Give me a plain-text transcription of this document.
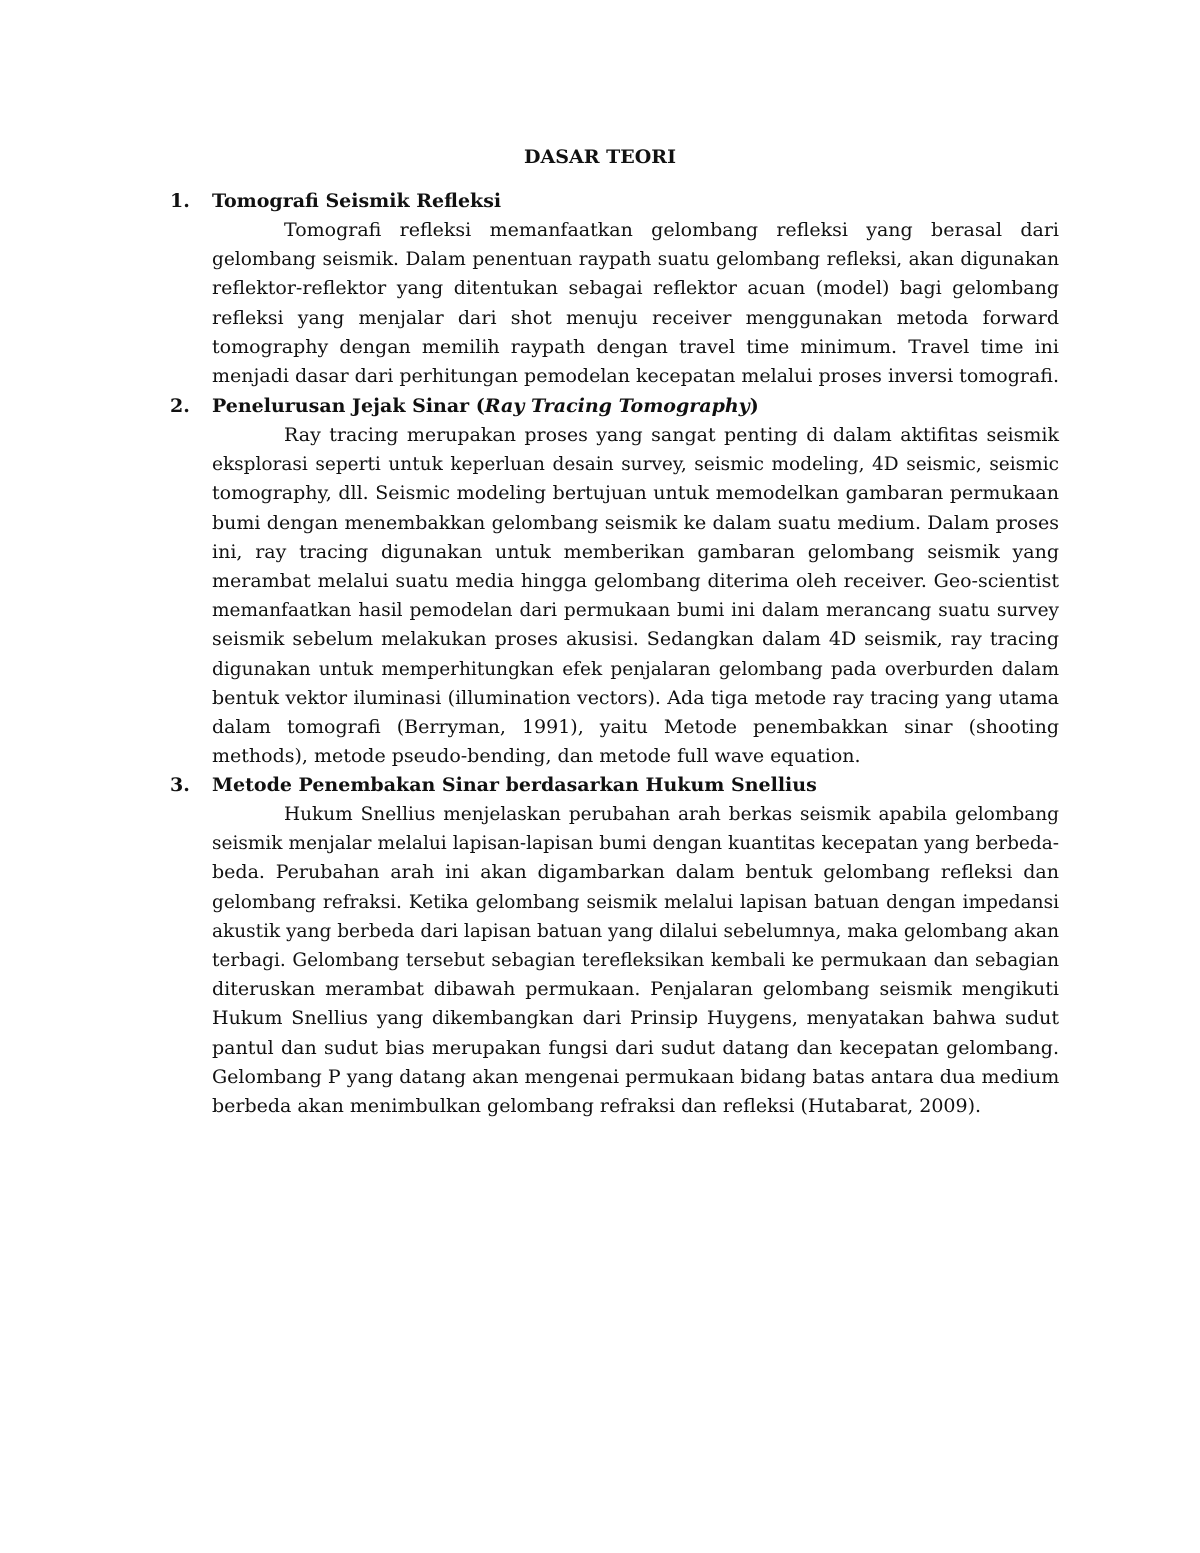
DASAR TEORI
1.	Tomografi Seismik Refleksi
Tomografi refleksi memanfaatkan gelombang refleksi yang berasal dari
gelombang seismik. Dalam penentuan raypath suatu gelombang refleksi, akan digunakan
reflektor-reflektor yang ditentukan sebagai reflektor acuan (model) bagi gelombang
refleksi yang menjalar dari shot menuju receiver menggunakan metoda forward
tomography dengan memilih raypath dengan travel time minimum. Travel time ini
menjadi dasar dari perhitungan pemodelan kecepatan melalui proses inversi tomografi.
2.	Penelurusan Jejak Sinar (Ray Tracing Tomography)
Ray tracing merupakan proses yang sangat penting di dalam aktifitas seismik
eksplorasi seperti untuk keperluan desain survey, seismic modeling, 4D seismic, seismic
tomography, dll. Seismic modeling bertujuan untuk memodelkan gambaran permukaan
bumi dengan menembakkan gelombang seismik ke dalam suatu medium. Dalam proses
ini, ray tracing digunakan untuk memberikan gambaran gelombang seismik yang
merambat melalui suatu media hingga gelombang diterima oleh receiver. Geo-scientist
memanfaatkan hasil pemodelan dari permukaan bumi ini dalam merancang suatu survey
seismik sebelum melakukan proses akusisi. Sedangkan dalam 4D seismik, ray tracing
digunakan untuk memperhitungkan efek penjalaran gelombang pada overburden dalam
bentuk vektor iluminasi (illumination vectors). Ada tiga metode ray tracing yang utama
dalam tomografi (Berryman, 1991), yaitu Metode penembakkan sinar (shooting
methods), metode pseudo-bending, dan metode full wave equation.
3.	Metode Penembakan Sinar berdasarkan Hukum Snellius
Hukum Snellius menjelaskan perubahan arah berkas seismik apabila gelombang
seismik menjalar melalui lapisan-lapisan bumi dengan kuantitas kecepatan yang berbeda-
beda. Perubahan arah ini akan digambarkan dalam bentuk gelombang refleksi dan
gelombang refraksi. Ketika gelombang seismik melalui lapisan batuan dengan impedansi
akustik yang berbeda dari lapisan batuan yang dilalui sebelumnya, maka gelombang akan
terbagi. Gelombang tersebut sebagian terefleksikan kembali ke permukaan dan sebagian
diteruskan merambat dibawah permukaan. Penjalaran gelombang seismik mengikuti
Hukum Snellius yang dikembangkan dari Prinsip Huygens, menyatakan bahwa sudut
pantul dan sudut bias merupakan fungsi dari sudut datang dan kecepatan gelombang.
Gelombang P yang datang akan mengenai permukaan bidang batas antara dua medium
berbeda akan menimbulkan gelombang refraksi dan refleksi (Hutabarat, 2009).
